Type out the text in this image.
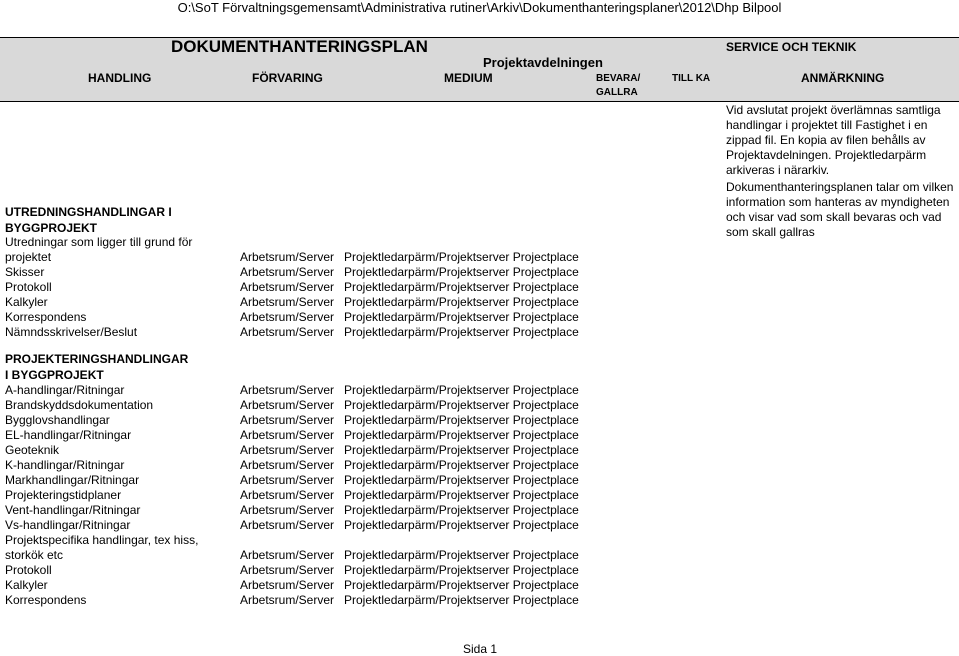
O:\SoT Förvaltningsgemensamt\Administrativa rutiner\Arkiv\Dokumenthanteringsplaner\2012\Dhp Bilpool
DOKUMENTHANTERINGSPLAN
Projektavdelningen
SERVICE OCH TEKNIK
HANDLING	FÖRVARING	MEDIUM	BEVARA/
GALLRA
TILL KA	ANMÄRKNING

Vid avslutat projekt överlämnas samtliga handlingar i projektet till Fastighet i en zippad fil. En kopia av filen behålls av Projektavdelningen. Projektledarpärm arkiveras i närarkiv.

Dokumenthanteringsplanen talar om vilken information som hanteras av myndigheten och visar vad som skall bevaras och vad som skall gallras

UTREDNINGSHANDLINGAR I BYGGPROJEKT
Utredningar som ligger till grund för
projektet	Arbetsrum/Server Projektledarpärm/Projektserver Projectplace
Skisser	Arbetsrum/Server Projektledarpärm/Projektserver Projectplace
Protokoll	Arbetsrum/Server Projektledarpärm/Projektserver Projectplace
Kalkyler	Arbetsrum/Server Projektledarpärm/Projektserver Projectplace
Korrespondens	Arbetsrum/Server Projektledarpärm/Projektserver Projectplace
Nämndsskrivelser/Beslut	Arbetsrum/Server Projektledarpärm/Projektserver Projectplace
PROJEKTERINGSHANDLINGAR I BYGGPROJEKT
A-handlingar/Ritningar	Arbetsrum/Server Projektledarpärm/Projektserver Projectplace
Brandskyddsdokumentation	Arbetsrum/Server Projektledarpärm/Projektserver Projectplace
Bygglovshandlingar	Arbetsrum/Server Projektledarpärm/Projektserver Projectplace
EL-handlingar/Ritningar	Arbetsrum/Server Projektledarpärm/Projektserver Projectplace
Geoteknik	Arbetsrum/Server Projektledarpärm/Projektserver Projectplace
K-handlingar/Ritningar	Arbetsrum/Server Projektledarpärm/Projektserver Projectplace
Markhandlingar/Ritningar	Arbetsrum/Server Projektledarpärm/Projektserver Projectplace
Projekteringstidplaner	Arbetsrum/Server Projektledarpärm/Projektserver Projectplace
Vent-handlingar/Ritningar	Arbetsrum/Server Projektledarpärm/Projektserver Projectplace
Vs-handlingar/Ritningar	Arbetsrum/Server Projektledarpärm/Projektserver Projectplace
Projektspecifika handlingar, tex hiss,
storkök etc	Arbetsrum/Server Projektledarpärm/Projektserver Projectplace
Protokoll	Arbetsrum/Server Projektledarpärm/Projektserver Projectplace
Kalkyler	Arbetsrum/Server Projektledarpärm/Projektserver Projectplace
Korrespondens	Arbetsrum/Server Projektledarpärm/Projektserver Projectplace
Sida 1
